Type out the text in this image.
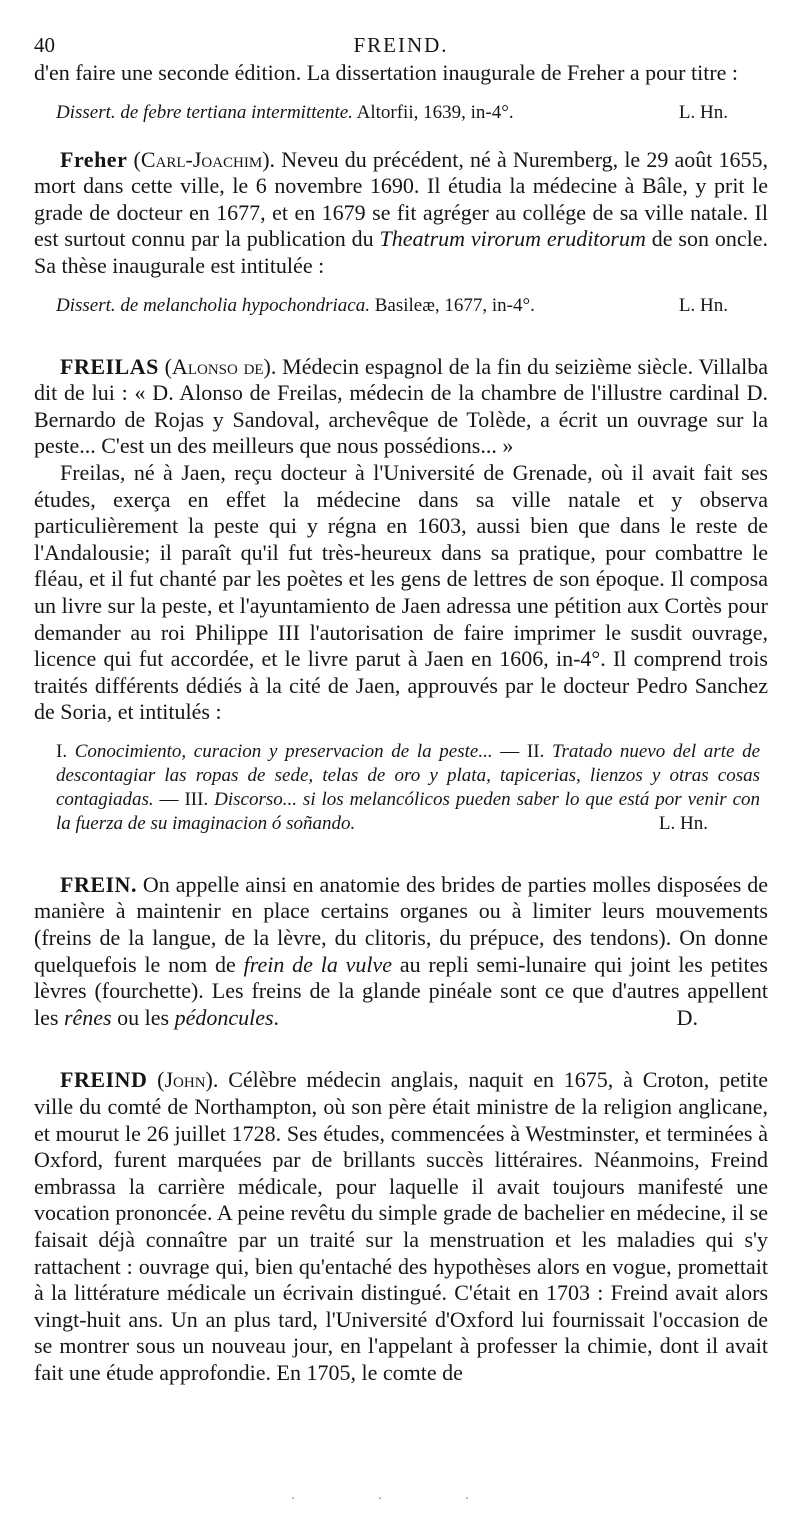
40	FREIND.

d'en faire une seconde édition. La dissertation inaugurale de Freher a pour titre :

L. Hn.
Dissert. de febre tertiana intermittente. Altorfii, 1639, in-4°.

Freher (Carl-Joachim). Neveu du précédent, né à Nuremberg, le 29 août 1655, mort dans cette ville, le 6 novembre 1690. Il étudia la médecine à Bâle, y prit le grade de docteur en 1677, et en 1679 se fit agréger au collége de sa ville natale. Il est surtout connu par la publication du Theatrum virorum eruditorum de son oncle. Sa thèse inaugurale est intitulée :

L. Hn.
Dissert. de melancholia hypochondriaca. Basileæ, 1677, in-4°.

FREILAS (Alonso de). Médecin espagnol de la fin du seizième siècle. Villalba dit de lui : « D. Alonso de Freilas, médecin de la chambre de l'illustre cardinal D. Bernardo de Rojas y Sandoval, archevêque de Tolède, a écrit un ouvrage sur la peste... C'est un des meilleurs que nous possédions... »

Freilas, né à Jaen, reçu docteur à l'Université de Grenade, où il avait fait ses études, exerça en effet la médecine dans sa ville natale et y observa particulièrement la peste qui y régna en 1603, aussi bien que dans le reste de l'Andalousie; il paraît qu'il fut très-heureux dans sa pratique, pour combattre le fléau, et il fut chanté par les poètes et les gens de lettres de son époque. Il composa un livre sur la peste, et l'ayuntamiento de Jaen adressa une pétition aux Cortès pour demander au roi Philippe III l'autorisation de faire imprimer le susdit ouvrage, licence qui fut accordée, et le livre parut à Jaen en 1606, in-4°. Il comprend trois traités différents dédiés à la cité de Jaen, approuvés par le docteur Pedro Sanchez de Soria, et intitulés :

I. Conocimiento, curacion y preservacion de la peste... — II. Tratado nuevo del arte de descontagiar las ropas de sede, telas de oro y plata, tapicerias, lienzos y otras cosas contagiadas. — III. Discorso... si los melancólicos pueden saber lo que está por venir con la fuerza de su imaginacion ó soñando.	L. Hn.

FREIN. On appelle ainsi en anatomie des brides de parties molles disposées de manière à maintenir en place certains organes ou à limiter leurs mouvements (freins de la langue, de la lèvre, du clitoris, du prépuce, des tendons). On donne quelquefois le nom de frein de la vulve au repli semi-lunaire qui joint les petites lèvres (fourchette). Les freins de la glande pinéale sont ce que d'autres appellent les rênes ou les pédoncules.	D.

FREIND (John). Célèbre médecin anglais, naquit en 1675, à Croton, petite ville du comté de Northampton, où son père était ministre de la religion anglicane, et mourut le 26 juillet 1728. Ses études, commencées à Westminster, et terminées à Oxford, furent marquées par de brillants succès littéraires. Néanmoins, Freind embrassa la carrière médicale, pour laquelle il avait toujours manifesté une vocation prononcée. A peine revêtu du simple grade de bachelier en médecine, il se faisait déjà connaître par un traité sur la menstruation et les maladies qui s'y rattachent : ouvrage qui, bien qu'entaché des hypothèses alors en vogue, promettait à la littérature médicale un écrivain distingué. C'était en 1703 : Freind avait alors vingt-huit ans. Un an plus tard, l'Université d'Oxford lui fournissait l'occasion de se montrer sous un nouveau jour, en l'appelant à professer la chimie, dont il avait fait une étude approfondie. En 1705, le comte de

. . .
